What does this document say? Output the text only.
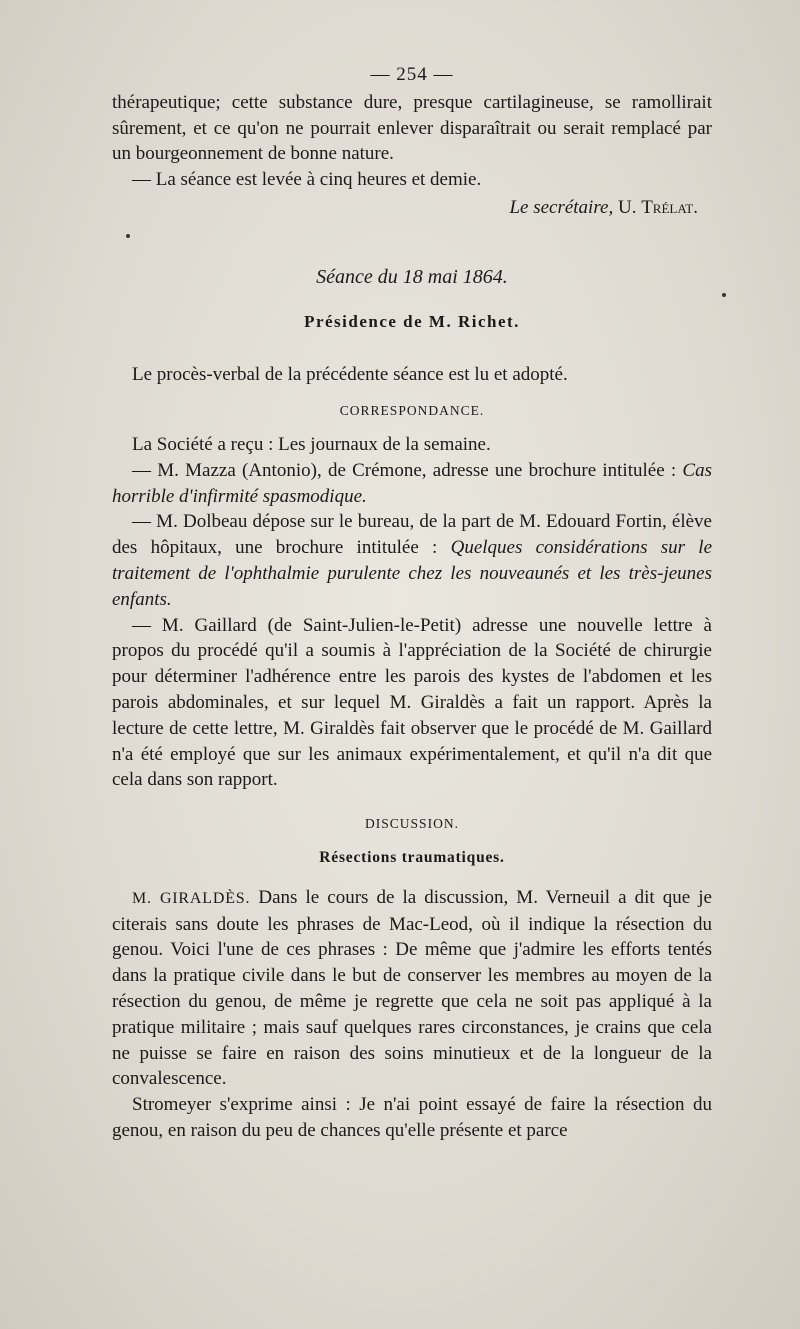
— 254 —

thérapeutique; cette substance dure, presque cartilagineuse, se ramollirait sûrement, et ce qu'on ne pourrait enlever disparaîtrait ou serait remplacé par un bourgeonnement de bonne nature.

— La séance est levée à cinq heures et demie.

Le secrétaire, U. Trélat.

Séance du 18 mai 1864.
Présidence de M. Richet.

Le procès-verbal de la précédente séance est lu et adopté.

CORRESPONDANCE.

La Société a reçu : Les journaux de la semaine.

— M. Mazza (Antonio), de Crémone, adresse une brochure intitulée : Cas horrible d'infirmité spasmodique.

— M. Dolbeau dépose sur le bureau, de la part de M. Edouard Fortin, élève des hôpitaux, une brochure intitulée : Quelques considérations sur le traitement de l'ophthalmie purulente chez les nouveaunés et les très-jeunes enfants.

— M. Gaillard (de Saint-Julien-le-Petit) adresse une nouvelle lettre à propos du procédé qu'il a soumis à l'appréciation de la Société de chirurgie pour déterminer l'adhérence entre les parois des kystes de l'abdomen et les parois abdominales, et sur lequel M. Giraldès a fait un rapport. Après la lecture de cette lettre, M. Giraldès fait observer que le procédé de M. Gaillard n'a été employé que sur les animaux expérimentalement, et qu'il n'a dit que cela dans son rapport.

DISCUSSION.
Résections traumatiques.

M. GIRALDÈS. Dans le cours de la discussion, M. Verneuil a dit que je citerais sans doute les phrases de Mac-Leod, où il indique la résection du genou. Voici l'une de ces phrases : De même que j'admire les efforts tentés dans la pratique civile dans le but de conserver les membres au moyen de la résection du genou, de même je regrette que cela ne soit pas appliqué à la pratique militaire ; mais sauf quelques rares circonstances, je crains que cela ne puisse se faire en raison des soins minutieux et de la longueur de la convalescence.

Stromeyer s'exprime ainsi : Je n'ai point essayé de faire la résection du genou, en raison du peu de chances qu'elle présente et parce
